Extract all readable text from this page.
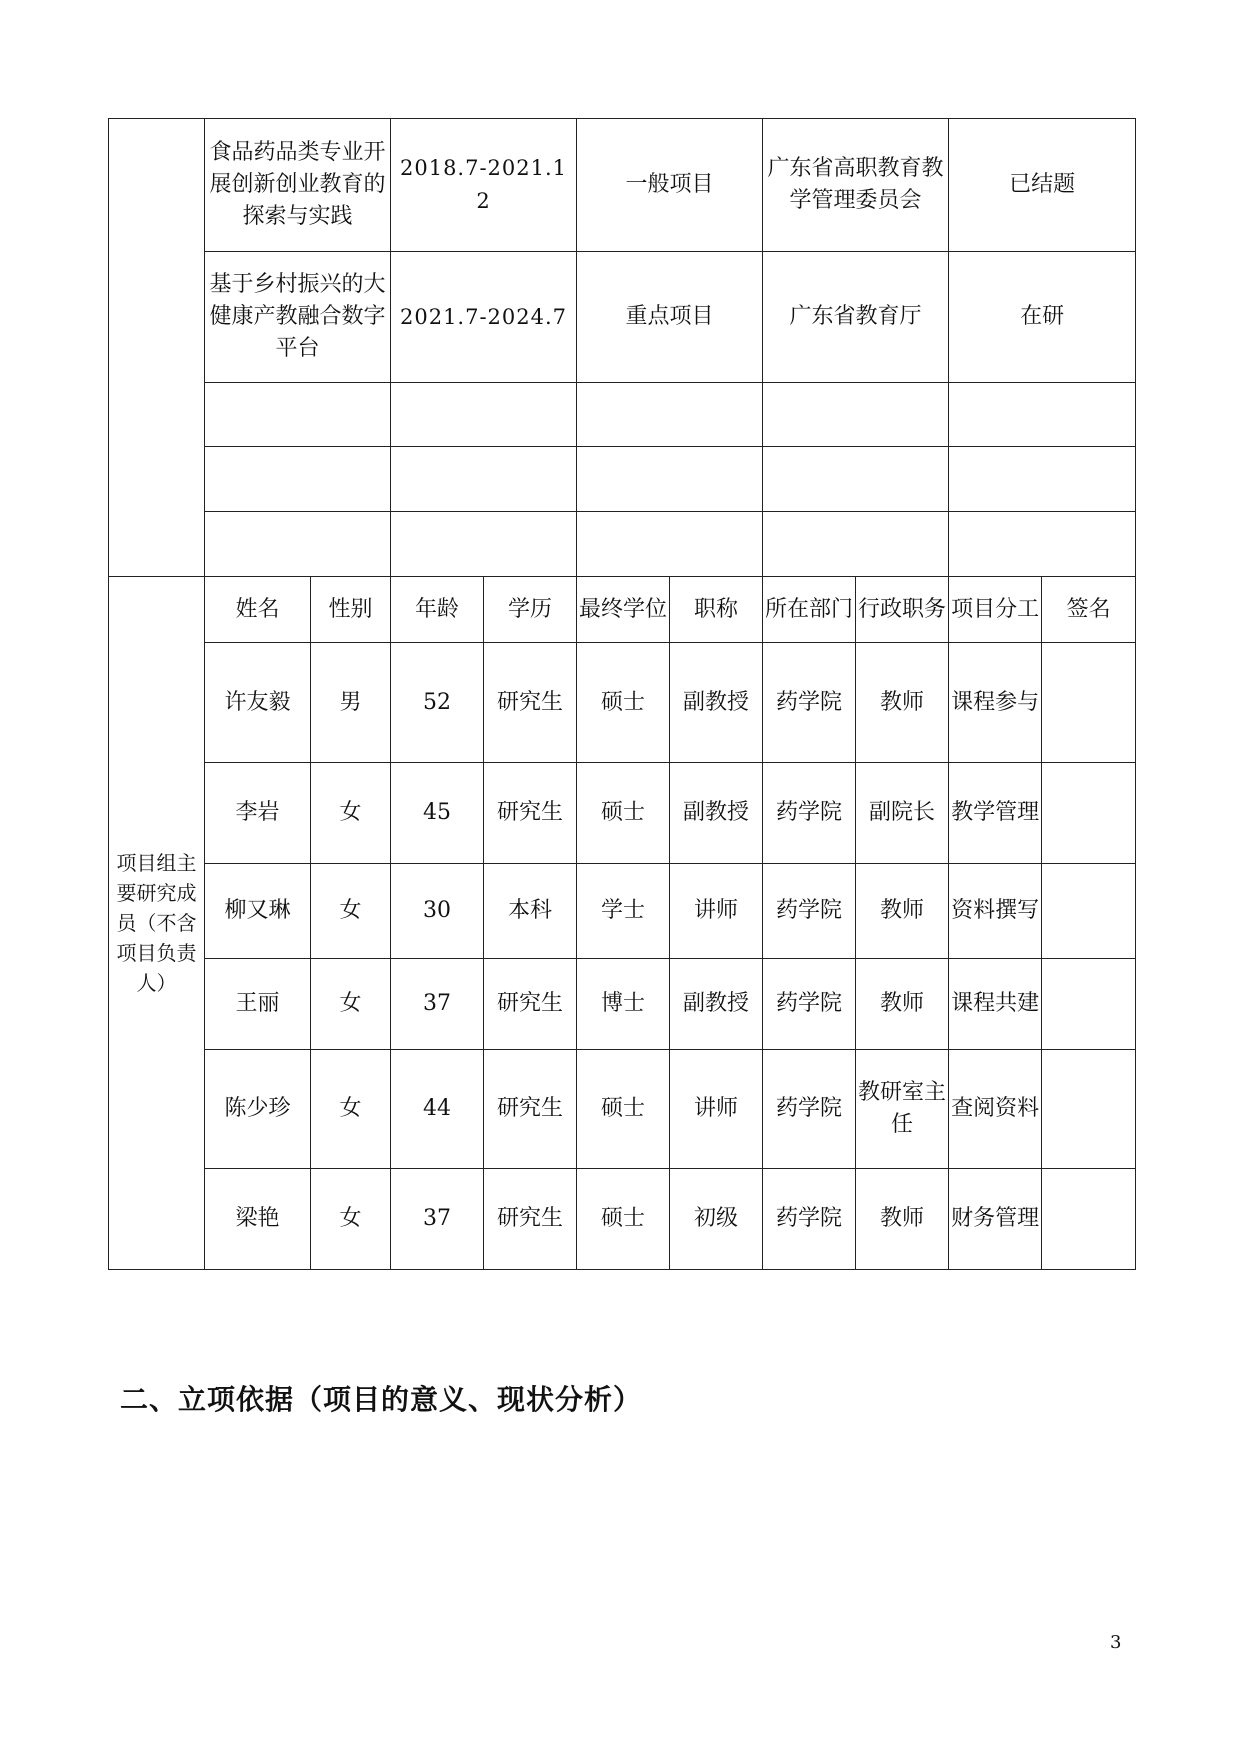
	食品药品类专业开展创新创业教育的探索与实践		2018.7-2021.12		一般项目		广东省高职教育教学管理委员会		已结题	
	基于乡村振兴的大健康产教融合数字平台		2021.7-2024.7		重点项目		广东省教育厅		在研	

项目组主要研究成员（不含项目负责人）	姓名	性别	年龄	学历	最终学位	职称	所在部门	行政职务	项目分工	签名
	许友毅	男	52	研究生	硕士	副教授	药学院	教师	课程参与	
	李岩	女	45	研究生	硕士	副教授	药学院	副院长	教学管理	
	柳又琳	女	30	本科	学士	讲师	药学院	教师	资料撰写	
	王丽	女	37	研究生	博士	副教授	药学院	教师	课程共建	
	陈少珍	女	44	研究生	硕士	讲师	药学院	教研室主任	查阅资料	
	梁艳	女	37	研究生	硕士	初级	药学院	教师	财务管理	
二、立项依据（项目的意义、现状分析）
3
